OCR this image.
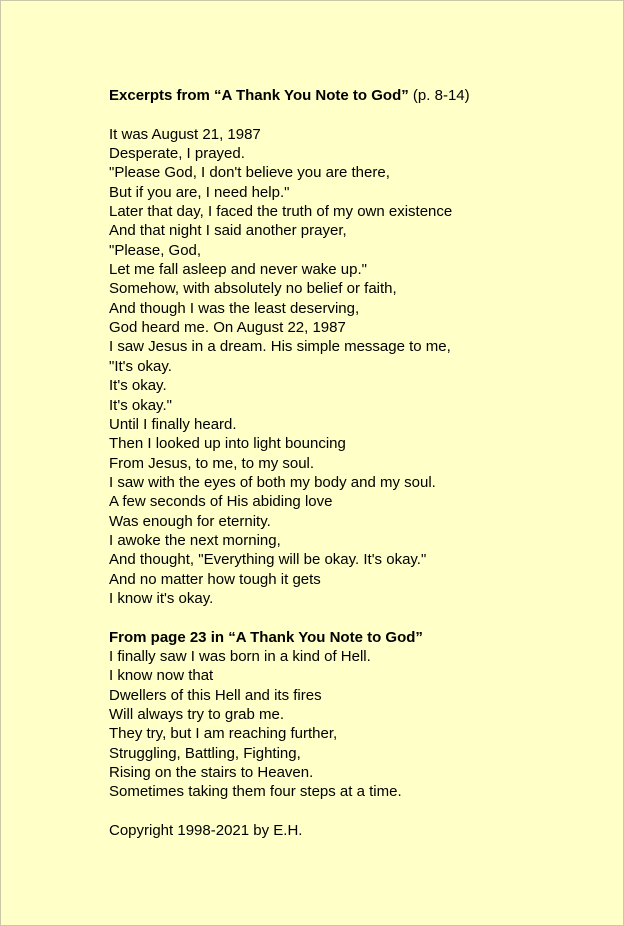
Excerpts from “A Thank You Note to God” (p. 8-14)
It was August 21, 1987
Desperate, I prayed.
"Please God, I don't believe you are there,
But if you are, I need help."
Later that day, I faced the truth of my own existence
And that night I said another prayer,
"Please, God,
Let me fall asleep and never wake up."
Somehow, with absolutely no belief or faith,
And though I was the least deserving,
God heard me. On August 22, 1987
I saw Jesus in a dream. His simple message to me,
"It's okay.
It's okay.
It's okay."
Until I finally heard.
Then I looked up into light bouncing
From Jesus, to me, to my soul.
I saw with the eyes of both my body and my soul.
A few seconds of His abiding love
Was enough for eternity.
I awoke the next morning,
And thought, "Everything will be okay. It's okay."
And no matter how tough it gets
I know it's okay.
From page 23 in “A Thank You Note to God”
I finally saw I was born in a kind of Hell.
I know now that
Dwellers of this Hell and its fires
Will always try to grab me.
They try, but I am reaching further,
Struggling, Battling, Fighting,
Rising on the stairs to Heaven.
Sometimes taking them four steps at a time.
Copyright 1998-2021 by E.H.
